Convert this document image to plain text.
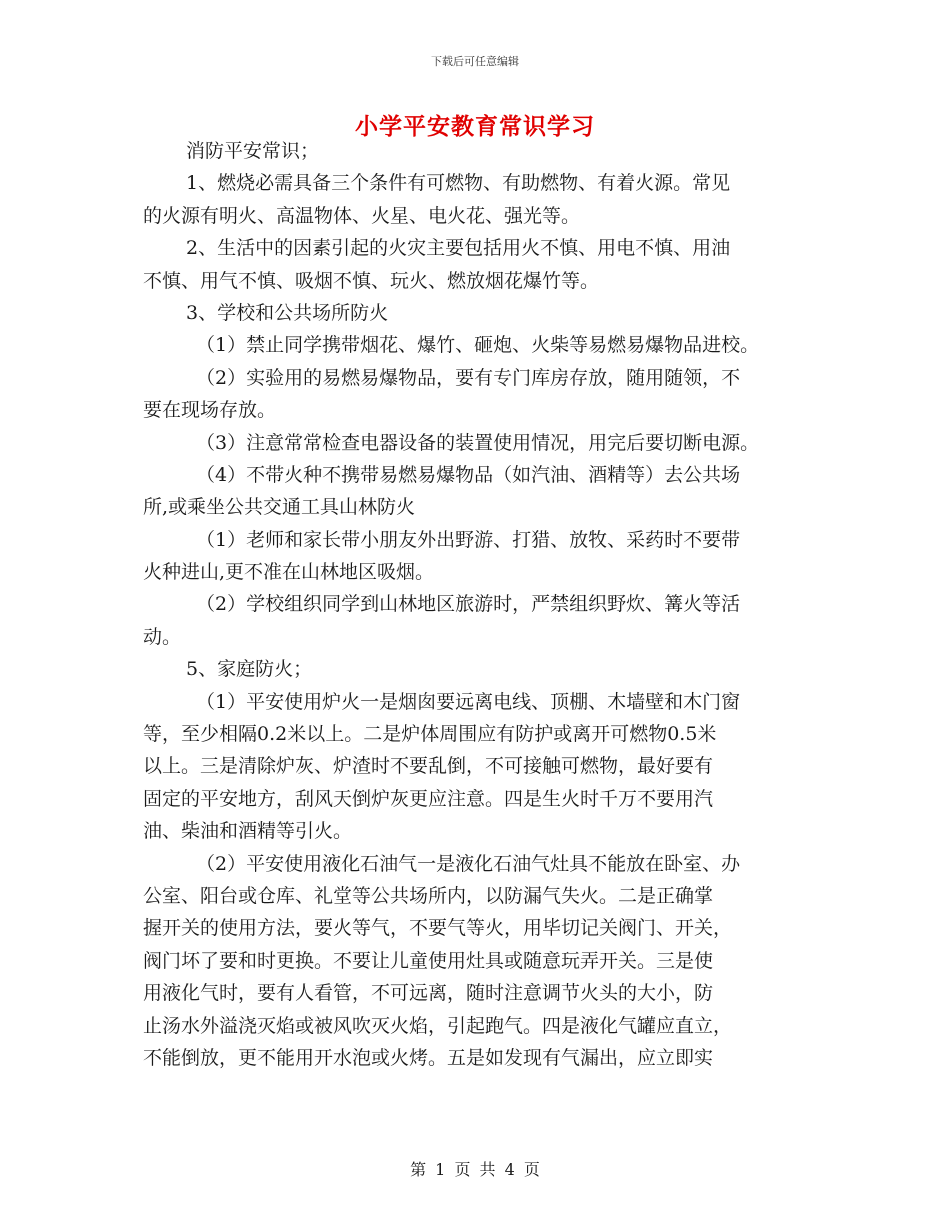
下载后可任意编辑
小学平安教育常识学习
消防平安常识；
1、燃烧必需具备三个条件有可燃物、有助燃物、有着火源。常见
的火源有明火、高温物体、火星、电火花、强光等。
2、生活中的因素引起的火灾主要包括用火不慎、用电不慎、用油
不慎、用气不慎、吸烟不慎、玩火、燃放烟花爆竹等。
3、学校和公共场所防火
（1）禁止同学携带烟花、爆竹、砸炮、火柴等易燃易爆物品进校。
（2）实验用的易燃易爆物品，要有专门库房存放，随用随领，不
要在现场存放。
（3）注意常常检查电器设备的装置使用情况，用完后要切断电源。
（4）不带火种不携带易燃易爆物品（如汽油、酒精等）去公共场
所,或乘坐公共交通工具山林防火
（1）老师和家长带小朋友外出野游、打猎、放牧、采药时不要带
火种进山,更不准在山林地区吸烟。
（2）学校组织同学到山林地区旅游时，严禁组织野炊、篝火等活
动。
5、家庭防火；
（1）平安使用炉火一是烟囱要远离电线、顶棚、木墙壁和木门窗
等，至少相隔0.2米以上。二是炉体周围应有防护或离开可燃物0.5米
以上。三是清除炉灰、炉渣时不要乱倒，不可接触可燃物，最好要有
固定的平安地方，刮风天倒炉灰更应注意。四是生火时千万不要用汽
油、柴油和酒精等引火。
（2）平安使用液化石油气一是液化石油气灶具不能放在卧室、办
公室、阳台或仓库、礼堂等公共场所内，以防漏气失火。二是正确掌
握开关的使用方法，要火等气，不要气等火，用毕切记关阀门、开关，
阀门坏了要和时更换。不要让儿童使用灶具或随意玩弄开关。三是使
用液化气时，要有人看管，不可远离，随时注意调节火头的大小，防
止汤水外溢浇灭焰或被风吹灭火焰，引起跑气。四是液化气罐应直立，
不能倒放，更不能用开水泡或火烤。五是如发现有气漏出，应立即实
第 1 页 共 4 页
